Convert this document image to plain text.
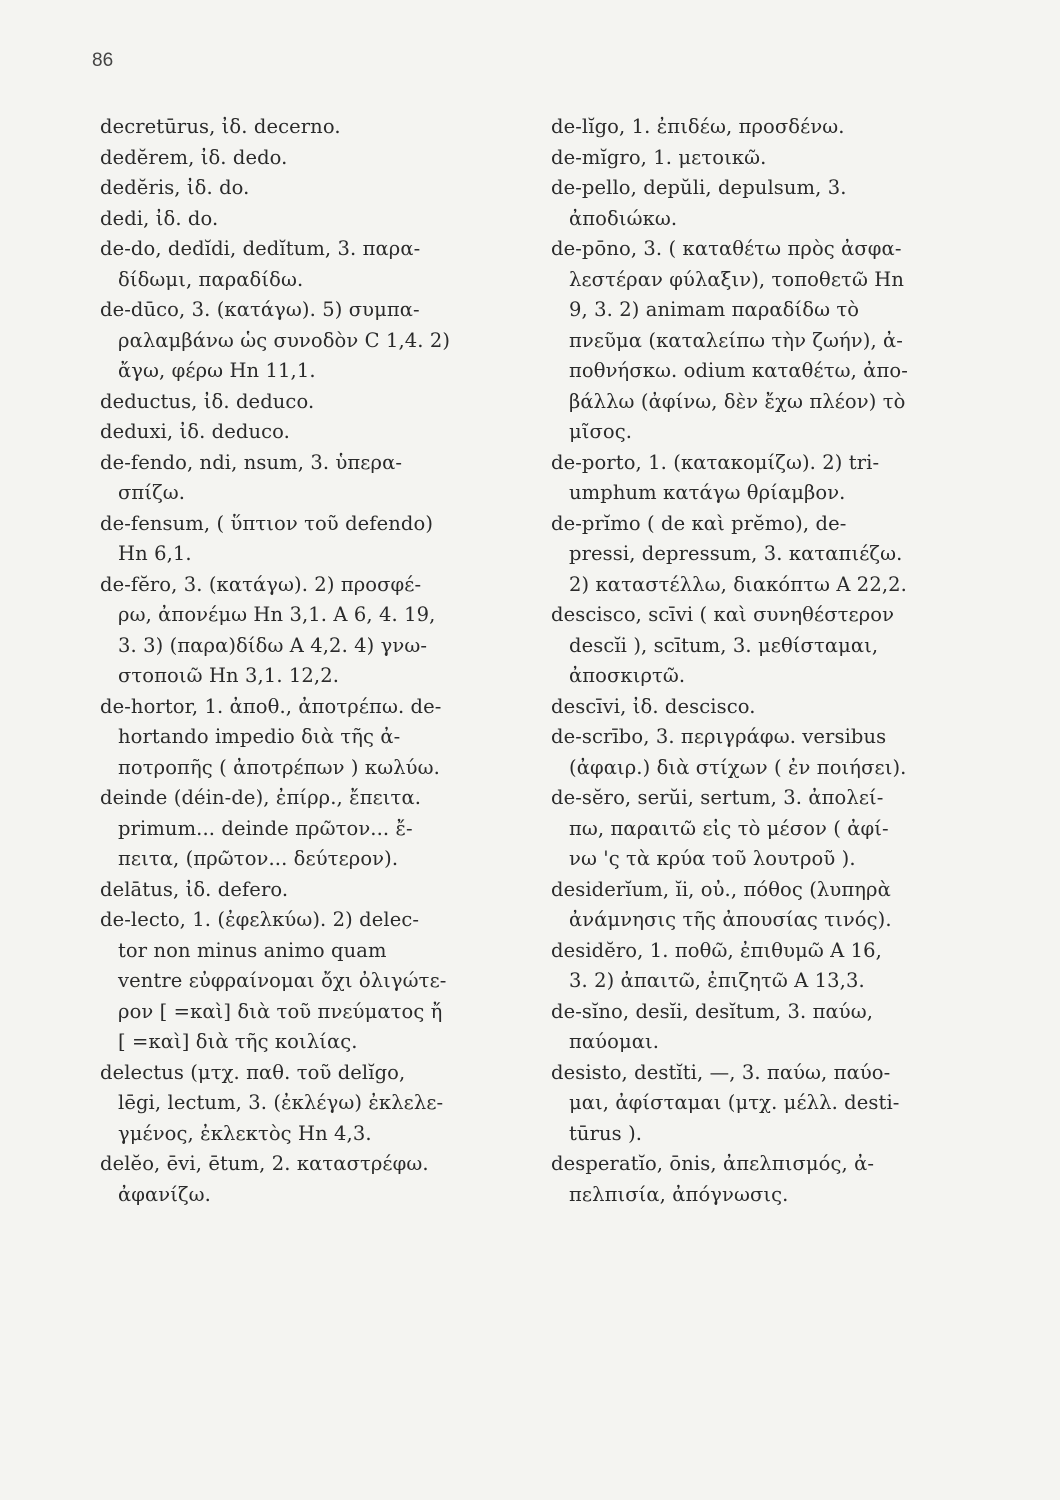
86
decretūrus, ἰδ. decerno.
dedĕrem, ἰδ. dedo.
dedĕris, ἰδ. do.
dedi, ἰδ. do.
de-do, dedĭdi, dedĭtum, 3. παρα-
δίδωμι, παραδίδω.
de-dūco, 3. (κατάγω). 5) συμπα-
ραλαμβάνω ὡς συνοδὸν C 1,4. 2)
ἄγω, φέρω Hn 11,1.
deductus, ἰδ. deduco.
deduxi, ἰδ. deduco.
de-fendo, ndi, nsum, 3. ὑπερα-
σπίζω.
de-fensum, ( ὕπτιον τοῦ defendo)
Hn 6,1.
de-fĕro, 3. (κατάγω). 2) προσφέ-
ρω, ἀπονέμω Hn 3,1. A 6, 4. 19,
3. 3) (παρα)δίδω A 4,2. 4) γνω-
στοποιῶ Hn 3,1. 12,2.
de-hortor, 1. ἀποθ., ἀποτρέπω. de-
hortando impedio διὰ τῆς ἀ-
ποτροπῆς ( ἀποτρέπων ) κωλύω.
deinde (déin-de), ἐπίρρ., ἔπειτα.
primum... deinde πρῶτον... ἔ-
πειτα, (πρῶτον... δεύτερον).
delātus, ἰδ. defero.
de-lecto, 1. (ἐφελκύω). 2) delec-
tor non minus animo quam
ventre εὐφραίνομαι ὄχι ὀλιγώτε-
ρον [ =καὶ] διὰ τοῦ πνεύματος ἤ
[ =καὶ] διὰ τῆς κοιλίας.
delectus (μτχ. παθ. τοῦ delĭgo,
lēgi, lectum, 3. (ἐκλέγω) ἐκλελε-
γμένος, ἐκλεκτὸς Hn 4,3.
delĕo, ēvi, ētum, 2. καταστρέφω.
ἀφανίζω.
de-lĭgo, 1. ἐπιδέω, προσδένω.
de-mĭgro, 1. μετοικῶ.
de-pello, depŭli, depulsum, 3.
ἀποδιώκω.
de-pōno, 3. ( καταθέτω πρὸς ἀσφα-
λεστέραν φύλαξιν), τοποθετῶ Hn
9, 3. 2) animam παραδίδω τὸ
πνεῦμα (καταλείπω τὴν ζωήν), ἀ-
ποθνήσκω. odium καταθέτω, ἀπο-
βάλλω (ἀφίνω, δὲν ἔχω πλέον) τὸ
μῖσος.
de-porto, 1. (κατακομίζω). 2) tri-
umphum κατάγω θρίαμβον.
de-prĭmo ( de καὶ prĕmo), de-
pressi, depressum, 3. καταπιέζω.
2) καταστέλλω, διακόπτω A 22,2.
descisco, scīvi ( καὶ συνηθέστερον
descĭi ), scītum, 3. μεθίσταμαι,
ἀποσκιρτῶ.
descīvi, ἰδ. descisco.
de-scrībo, 3. περιγράφω. versibus
(ἀφαιρ.) διὰ στίχων ( ἐν ποιήσει).
de-sĕro, serŭi, sertum, 3. ἀπολεί-
πω, παραιτῶ εἰς τὸ μέσον ( ἀφί-
νω 'ς τὰ κρύα τοῦ λουτροῦ ).
desiderĭum, ĭi, οὐ., πόθος (λυπηρὰ
ἀνάμνησις τῆς ἀπουσίας τινός).
desidĕro, 1. ποθῶ, ἐπιθυμῶ A 16,
3. 2) ἀπαιτῶ, ἐπιζητῶ A 13,3.
de-sĭno, desĭi, desĭtum, 3. παύω,
παύομαι.
desisto, destĭti, —, 3. παύω, παύο-
μαι, ἀφίσταμαι (μτχ. μέλλ. desti-
tūrus ).
desperatĭo, ōnis, ἀπελπισμός, ἀ-
πελπισία, ἀπόγνωσις.
